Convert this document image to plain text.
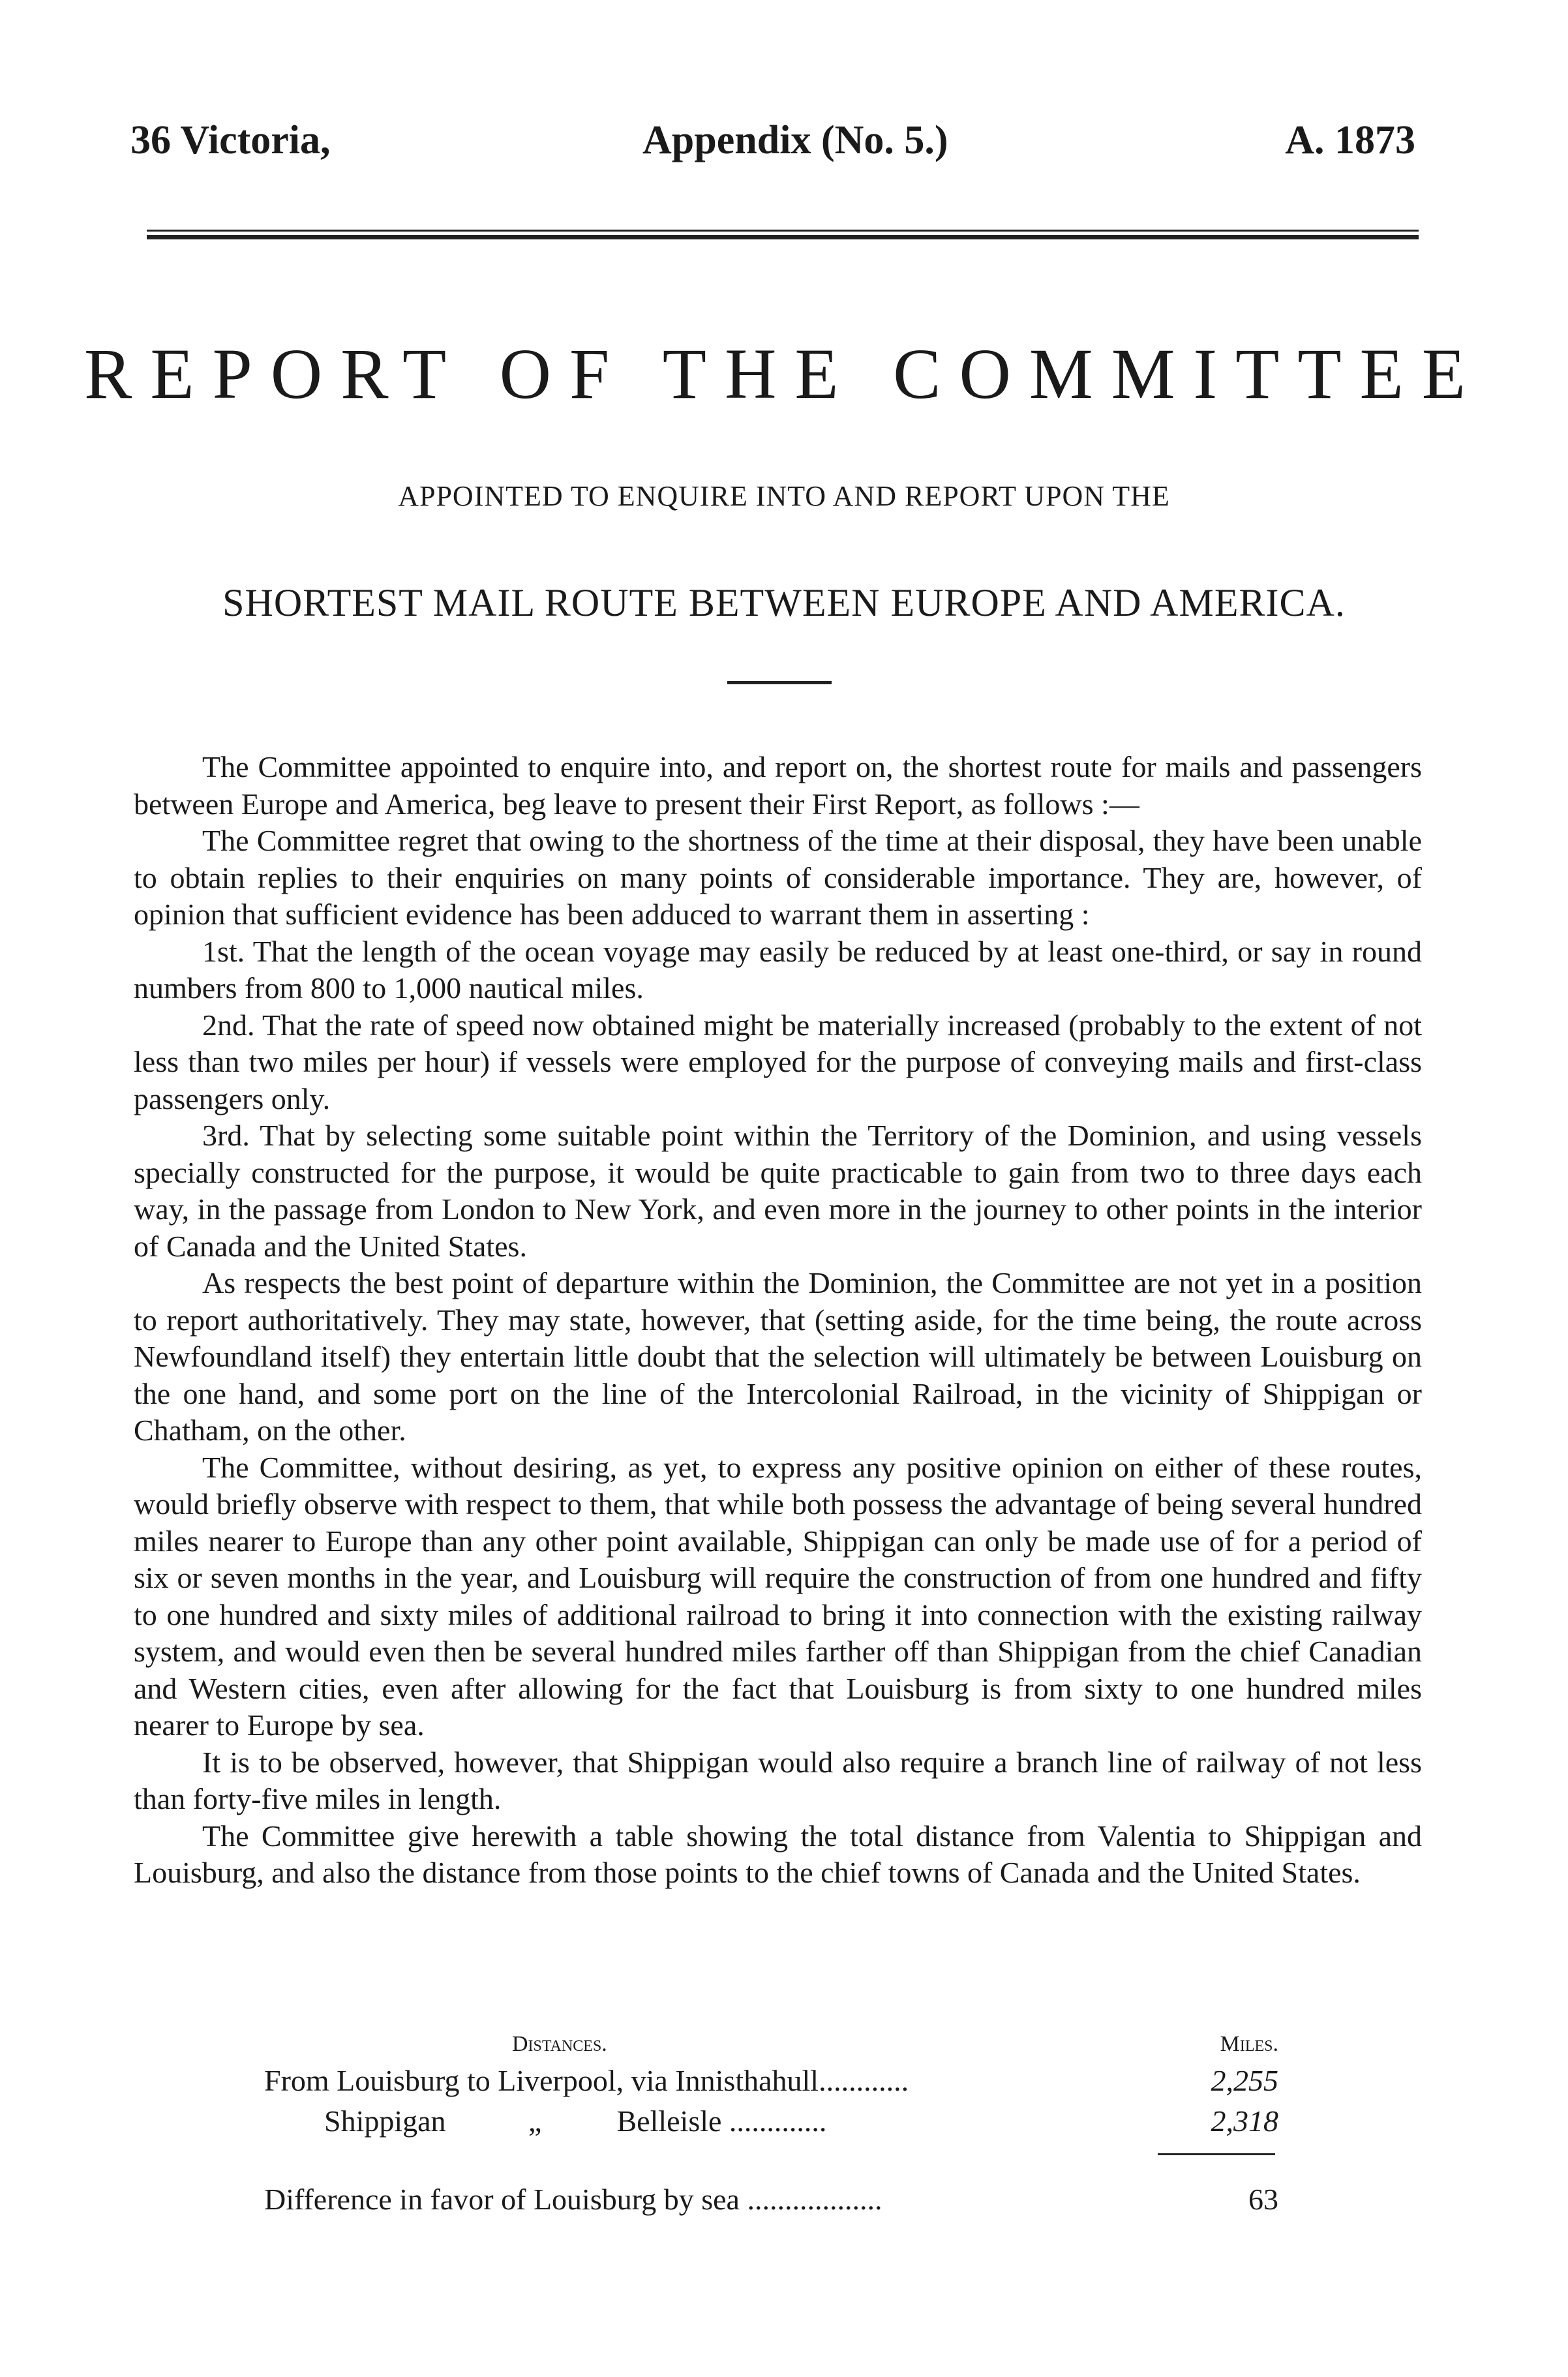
36 Victoria,	Appendix (No. 5.)	A. 1873
REPORT OF THE COMMITTEE
APPOINTED TO ENQUIRE INTO AND REPORT UPON THE
SHORTEST MAIL ROUTE BETWEEN EUROPE AND AMERICA.

The Committee appointed to enquire into, and report on, the shortest route for mails and passengers between Europe and America, beg leave to present their First Report, as follows :—

The Committee regret that owing to the shortness of the time at their disposal, they have been unable to obtain replies to their enquiries on many points of considerable importance. They are, however, of opinion that sufficient evidence has been adduced to warrant them in asserting :

1st. That the length of the ocean voyage may easily be reduced by at least one-third, or say in round numbers from 800 to 1,000 nautical miles.

2nd. That the rate of speed now obtained might be materially increased (probably to the extent of not less than two miles per hour) if vessels were employed for the purpose of conveying mails and first-class passengers only.

3rd. That by selecting some suitable point within the Territory of the Dominion, and using vessels specially constructed for the purpose, it would be quite practicable to gain from two to three days each way, in the passage from London to New York, and even more in the journey to other points in the interior of Canada and the United States.

As respects the best point of departure within the Dominion, the Committee are not yet in a position to report authoritatively. They may state, however, that (setting aside, for the time being, the route across Newfoundland itself) they entertain little doubt that the selection will ultimately be between Louisburg on the one hand, and some port on the line of the Intercolonial Railroad, in the vicinity of Shippigan or Chatham, on the other.

The Committee, without desiring, as yet, to express any positive opinion on either of these routes, would briefly observe with respect to them, that while both possess the advantage of being several hundred miles nearer to Europe than any other point available, Shippigan can only be made use of for a period of six or seven months in the year, and Louisburg will require the construction of from one hundred and fifty to one hundred and sixty miles of additional railroad to bring it into connection with the existing railway system, and would even then be several hundred miles farther off than Shippigan from the chief Canadian and Western cities, even after allowing for the fact that Louisburg is from sixty to one hundred miles nearer to Europe by sea.

It is to be observed, however, that Shippigan would also require a branch line of railway of not less than forty-five miles in length.

The Committee give herewith a table showing the total distance from Valentia to Shippigan and Louisburg, and also the distance from those points to the chief towns of Canada and the United States.

Distances.	Miles.
From Louisburg to Liverpool, via Innisthahull............	2,255
Shippigan           „          Belleisle .............	2,318
Difference in favor of Louisburg by sea ..................	63
